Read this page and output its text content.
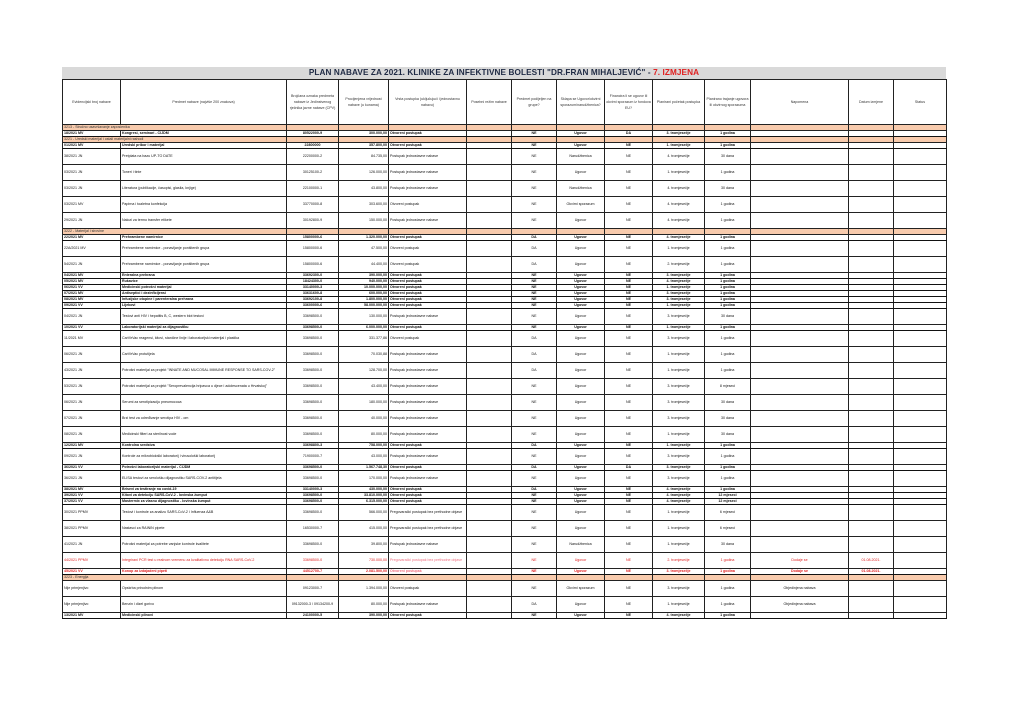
PLAN NABAVE ZA 2021. KLINIKE ZA INFEKTIVNE BOLESTI "DR.FRAN MIHALJEVIĆ" - 7. IZMJENA
Evidencijski broj nabave	Predmet nabave (najviše 200 znakova)	Brojčana oznaka predmeta nabave iz Jedinstvenog rječnika javne nabave (CPV)	Procijenjena vrijednost nabave (u kunama)	Vrsta postupka (uključujući i jednostavnu nabavu)	Posebni režim nabave	Predmet podijeljen na grupe?	Sklapa se Ugovor/okvirni sporazum/narudžbenica?	Financira li se ugovor ili okvirni sporazum iz fondova EU?	Planirani početak postupka	Planirano trajanje ugovora ili okvirnog sporazuma	Napomena	Datum izmjene	Status
3213 - Stručno usavršavanje zaposlenika													
18/2021 MV	Kongresi, seminari - CIJDM	80522000-9	300.000,00	Otvoreni postupak		NE	Ugovor	DA	3. tromjesečje	1 godina			
3221 - Uredski materijal i ostali materijalni rashodi													
01/2021 MV	Uredski pribor i materijal	22800000	357.800,00	Otvoreni postupak		NE	Ugovor	NE	1. tromjesečje	1 godina			
38/2021 JN	Pretplata na bazu UP-TO DATE	22200000-2	84.735,00	Postupak jednostavne nabave		NE	Narudžbenica	NE	4. tromjesečje	30 dana			
03/2021 JN	Toneri i tinte	30125100-2	126.000,00	Postupak jednostavne nabave		NE	Ugovor	NE	1. tromjesečje	1 godina			
03/2021 JN	Literatura (publikacije, časopisi, glasila, knjige)	22100000-1	43.800,00	Postupak jednostavne nabave		NE	Narudžbenica	NE	4. tromjesečje	30 dana			
03/2021 MV	Papirna i toaletna konfekcija	33770000-8	303.600,00	Otvoreni postupak		NE	Okvirni sporazum	NE	4. tromjesečje	1 godina			
29/2021 JN	Nalozi za termo transfer etikete	30192800-9	150.000,00	Postupak jednostavne nabave		NE	Ugovor	NE	4. tromjesečje	1 godina			
3222 - Materijal i sirovine													
22/2021 MV	Prehrambene namirnice	15800000-6	1.320.000,00	Otvoreni postupak		DA	Ugovor	NE	4. tromjesečje	1 godina			
22A/2021 MV	Prehrambene namirnice - ponavljanje poništenih grupa	15800000-6	47.500,00	Otvoreni postupak		DA	Ugovor	NE	1. tromjesečje	1 godina			
54/2021 JN	Prehrambene namirnice - ponavljanje poništenih grupa	15800000-6	44.400,00	Otvoreni postupak		DA	Ugovor	NE	2. tromjesečje	1 godina			
04/2021 MV	Enteralna prehrana	33692300-0	390.000,00	Otvoreni postupak		NE	Ugovor	NE	3. tromjesečje	1 godina			
05/2021 MV	Rukavice	18424300-0	940.000,00	Otvoreni postupak		NE	Ugovor	NE	4. tromjesečje	1 godina			
06/2021 VV	Medicinski potrošni materijal	33140000-3	10.000.000,00	Otvoreni postupak		NE	Ugovor	NE	1. tromjesečje	1 godina			
07/2021 MV	Antiseptici i dezinficijensi	33631600-8	600.000,00	Otvoreni postupak		NE	Ugovor	NE	3. tromjesečje	1 godina			
08/2021 MV	Infuzijske otopine i parenteralna prehrana	33692100-8	1.800.000,00	Otvoreni postupak		NE	Ugovor	NE	3. tromjesečje	1 godina			
09/2021 VV	Lijekovi	33600000-6	58.000.000,00	Otvoreni postupak		NE	Ugovor	NE	1. tromjesečje	1 godina			
04/2021 JN	Testovi anti HIV i hepatitis B, C, western blot testovi	33698500-0	130.000,00	Postupak jednostavne nabave		NE	Ugovor	NE	3. tromjesečje	30 dana			
10/2021 VV	Laboratorijski materijal za dijagnostiku	33698500-0	6.000.000,00	Otvoreni postupak		NE	Ugovor	NE	1. tromjesečje	1 godina			
11/2021 MV	CarVirVac reagensi, kitovi, stanične linije i laboratorijski materijal i plastika	33698500-0	331.377,86	Otvoreni postupak		DA	Ugovor	NE	3. tromjesečje	1 godina			
06/2021 JN	CarVirVac protutijela	33698500-0	70.030,88	Postupak jednostavne nabave		DA	Ugovor	NE	1. tromjesečje	1 godina			
43/2021 JN	Potrošni materijal za projekt "INNATE AND MUCOSAL IMMUNE RESPONSE TO SARS-COV-2"	33698500-0	128.700,00	Postupak jednostavne nabave		DA	Ugovor	NE	1. tromjesečje	1 godina			
53/2021 JN	Potrošni materijal za projekt "Seroprevalencija hripavca u djece i adolescenata u Hrvatskoj"	33698500-0	43.400,00	Postupak jednostavne nabave		NE	Ugovor	NE	3. tromjesečje	8 mjeseci			
06/2021 JN	Serumi za serotipizaciju pneumococa	33698500-0	180.000,00	Postupak jednostavne nabave		NE	Ugovor	NE	3. tromjesečje	30 dana			
07/2021 JN	Brzi test za određivanje serotipa HIV - om	33698500-0	40.000,00	Postupak jednostavne nabave		NE	Ugovor	NE	3. tromjesečje	30 dana			
08/2021 JN	Medicinski filteri za sterilnost vode	33698500-0	80.000,00	Postupak jednostavne nabave		NE	Ugovor	NE	1. tromjesečje	30 dana			
12/2021 MV	Kontrolna sredstva	33698800-3	758.000,00	Otvoreni postupak		DA	Ugovor	NE	1. tromjesečje	1 godina			
09/2021 JN	Kontrole za mikrobiološki laboratorij i virusološki laboratorij	71900000-7	43.000,00	Postupak jednostavne nabave		NE	Ugovor	NE	3. tromjesečje	1 godina			
36/2021 VV	Potrošni laboratorijski materijal - CIJDM	33698500-0	1.567.748,30	Otvoreni postupak		DA	Ugovor	DA	3. tromjesečje	1 godina			
36/2021 JN	ELISA testovi za serološku dijagnostiku SARS-COV-2 antitijela	33698500-0	170.000,00	Postupak jednostavne nabave		NE	Ugovor	NE	3. tromjesečje	1 godina			
38/2021 MV	Brisevi za testiranje na covid-19	33140000-3	430.000,00	Otvoreni postupak		DA	Ugovor	NE	4. tromjesečje	1 godina			
39/2021 VV	Kitovi za detekciju SARS-CoV-2 - Iovinska žumput	33698500-0	33.810.000,00	Otvoreni postupak		NE	Ugovor	NE	4. tromjesečje	12 mjeseci			
37/2021 VV	Mastermix za vlasnu dijagnostiku - Iovinska žumput	33698500-0	6.315.000,00	Otvoreni postupak		NE	Ugovor	NE	4. tromjesečje	12 mjeseci			
30/2021 PPMV	Testovi i kontrole za analizu SARS-CoV-2 i Influenza A&B	33698500-0	566.000,00	Pregovarački postupak bez prethodne objave		NE	Ugovor	NE	1. tromjesečje	6 mjeseci			
38/2021 PPMV	Nastavci za RAININ pipete	16530000-7	415.000,00	Pregovarački postupak bez prethodne objave		NE	Ugovor	NE	1. tromjesečje	6 mjeseci			
41/2021 JN	Potrošni materijal za potrebe vanjske kontrole kvalitete	33698500-0	39.800,00	Postupak jednostavne nabave		NE	Narudžbenica	NE	1. tromjesečje	30 dana			
44/2021 PPMV	Integrirani PCR test u realnom vremenu za kvalitativnu detekciju RNA SARS-CoV-2	33698500-0	730.000,00	Pregovarački postupak bez prethodne objave		NE	Ugovor	NE	2. tromjesečje	1 godina	Dodaje se	01.08.2021.	
45/2021 VV	Konop za izdajadeni pipeti	44512700-7	2.081.500,00	Otvoreni postupak		NE	Ugovor	NE	3. tromjesečje	1 godina	Dodaje se	01.08.2021.	
3223 - Energija													
Nije primjenjivo	Opskrba prirodnim plinom	09123000-7	1.394.000,00	Otvoreni postupak		NE	Okvirni sporazum	NE	3. tromjesečje	1 godina	Objedinjena nabava		
Nije primjenjivo	Benzin i dizel gorivo	09132000-3 / 09134200-9	80.000,00	Postupak jednostavne nabave		DA	Ugovor	NE	1. tromjesečje	1 godina	Objedinjena nabava		
13/2021 MV	Medicinski plinovi	24100000-5	390.000,00	Otvoreni postupak		NE	Ugovor	NE	4. tromjesečje	1 godina			
